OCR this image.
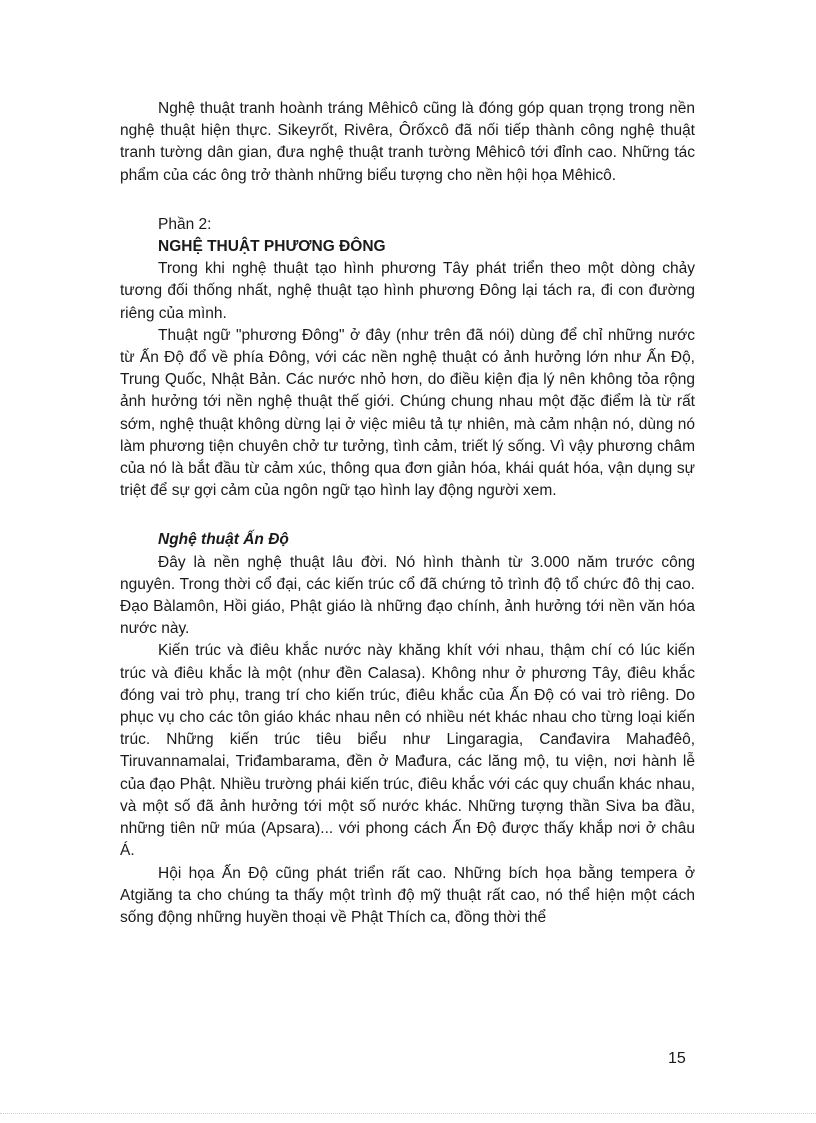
Nghệ thuật tranh hoành tráng Mêhicô cũng là đóng góp quan trọng trong nền nghệ thuật hiện thực. Sikeyrốt, Rivêra, Ôrốxcô đã nối tiếp thành công nghệ thuật tranh tường dân gian, đưa nghệ thuật tranh tường Mêhicô tới đỉnh cao. Những tác phẩm của các ông trở thành những biểu tượng cho nền hội họa Mêhicô.

Phần 2:
NGHỆ THUẬT PHƯƠNG ĐÔNG

Trong khi nghệ thuật tạo hình phương Tây phát triển theo một dòng chảy tương đối thống nhất, nghệ thuật tạo hình phương Đông lại tách ra, đi con đường riêng của mình.

Thuật ngữ "phương Đông" ở đây (như trên đã nói) dùng để chỉ những nước từ Ấn Độ đổ về phía Đông, với các nền nghệ thuật có ảnh hưởng lớn như Ấn Độ, Trung Quốc, Nhật Bản. Các nước nhỏ hơn, do điều kiện địa lý nên không tỏa rộng ảnh hưởng tới nền nghệ thuật thế giới. Chúng chung nhau một đặc điểm là từ rất sớm, nghệ thuật không dừng lại ở việc miêu tả tự nhiên, mà cảm nhận nó, dùng nó làm phương tiện chuyên chở tư tưởng, tình cảm, triết lý sống. Vì vậy phương châm của nó là bắt đầu từ cảm xúc, thông qua đơn giản hóa, khái quát hóa, vận dụng sự triệt để sự gợi cảm của ngôn ngữ tạo hình lay động người xem.

Nghệ thuật Ấn Độ

Đây là nền nghệ thuật lâu đời. Nó hình thành từ 3.000 năm trước công nguyên. Trong thời cổ đại, các kiến trúc cổ đã chứng tỏ trình độ tổ chức đô thị cao. Đạo Bàlamôn, Hồi giáo, Phật giáo là những đạo chính, ảnh hưởng tới nền văn hóa nước này.

Kiến trúc và điêu khắc nước này khăng khít với nhau, thậm chí có lúc kiến trúc và điêu khắc là một (như đền Calasa). Không như ở phương Tây, điêu khắc đóng vai trò phụ, trang trí cho kiến trúc, điêu khắc của Ấn Độ có vai trò riêng. Do phục vụ cho các tôn giáo khác nhau nên có nhiều nét khác nhau cho từng loại kiến trúc. Những kiến trúc tiêu biểu như Lingaragia, Canđavira Mahađêô, Tiruvannamalai, Triđambarama, đền ở Mađura, các lăng mộ, tu viện, nơi hành lễ của đạo Phật. Nhiều trường phái kiến trúc, điêu khắc với các quy chuẩn khác nhau, và một số đã ảnh hưởng tới một số nước khác. Những tượng thần Siva ba đầu, những tiên nữ múa (Apsara)... với phong cách Ấn Độ được thấy khắp nơi ở châu Á.

Hội họa Ấn Độ cũng phát triển rất cao. Những bích họa bằng tempera ở Atgiăng ta cho chúng ta thấy một trình độ mỹ thuật rất cao, nó thể hiện một cách sống động những huyền thoại về Phật Thích ca, đồng thời thể

15
